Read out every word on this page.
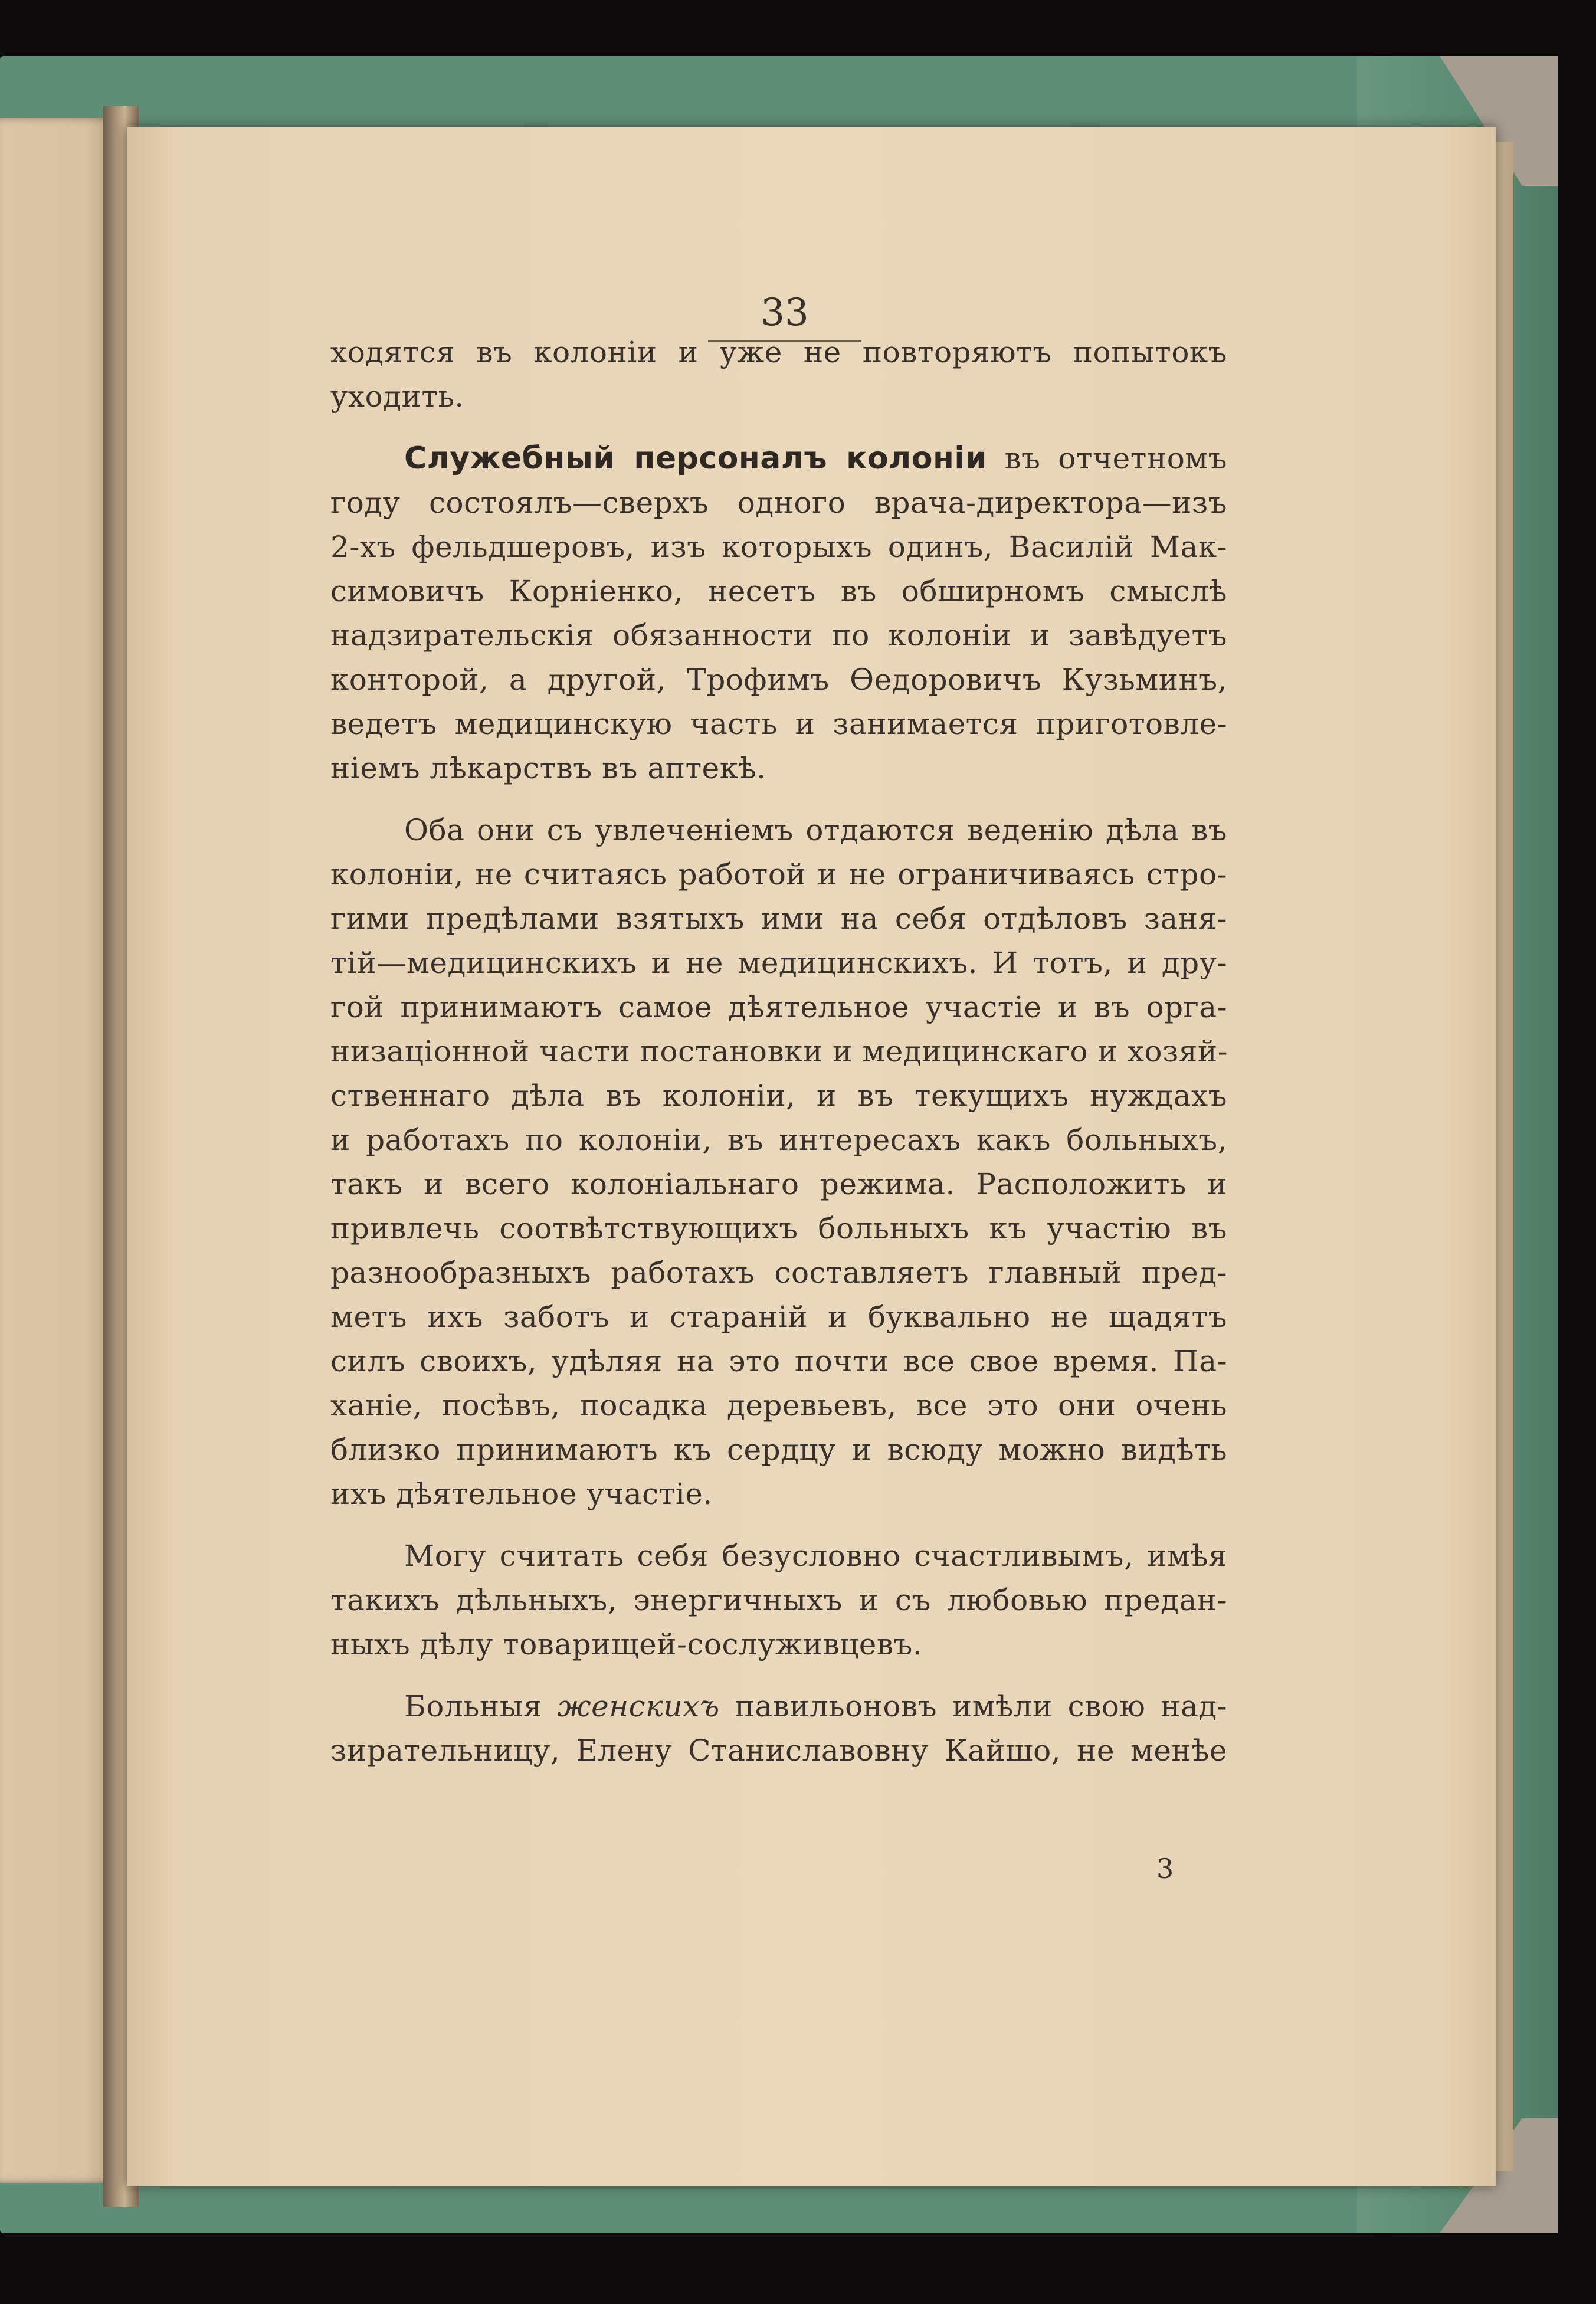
33
ходятся въ колоніи и уже не повторяютъ попытокъ
уходить.
Служебный персоналъ колоніи въ отчетномъ
году состоялъ—сверхъ одного врача-директора—изъ
2-хъ фельдшеровъ, изъ которыхъ одинъ, Василій Мак-
симовичъ Корніенко, несетъ въ обширномъ смыслѣ
надзирательскія обязанности по колоніи и завѣдуетъ
конторой, а другой, Трофимъ Ѳедоровичъ Кузьминъ,
ведетъ медицинскую часть и занимается приготовле-
ніемъ лѣкарствъ въ аптекѣ.
Оба они съ увлеченіемъ отдаются веденію дѣла въ
колоніи, не считаясь работой и не ограничиваясь стро-
гими предѣлами взятыхъ ими на себя отдѣловъ заня-
тій—медицинскихъ и не медицинскихъ. И тотъ, и дру-
гой принимаютъ самое дѣятельное участіе и въ орга-
низаціонной части постановки и медицинскаго и хозяй-
ственнаго дѣла въ колоніи, и въ текущихъ нуждахъ
и работахъ по колоніи, въ интересахъ какъ больныхъ,
такъ и всего колоніальнаго режима. Расположить и
привлечь соотвѣтствующихъ больныхъ къ участію въ
разнообразныхъ работахъ составляетъ главный пред-
метъ ихъ заботъ и стараній и буквально не щадятъ
силъ своихъ, удѣляя на это почти все свое время. Па-
ханіе, посѣвъ, посадка деревьевъ, все это они очень
близко принимаютъ къ сердцу и всюду можно видѣть
ихъ дѣятельное участіе.
Могу считать себя безусловно счастливымъ, имѣя
такихъ дѣльныхъ, энергичныхъ и съ любовью предан-
ныхъ дѣлу товарищей-сослуживцевъ.
Больныя женскихъ павильоновъ имѣли свою над-
зирательницу, Елену Станиславовну Кайшо, не менѣе
3
